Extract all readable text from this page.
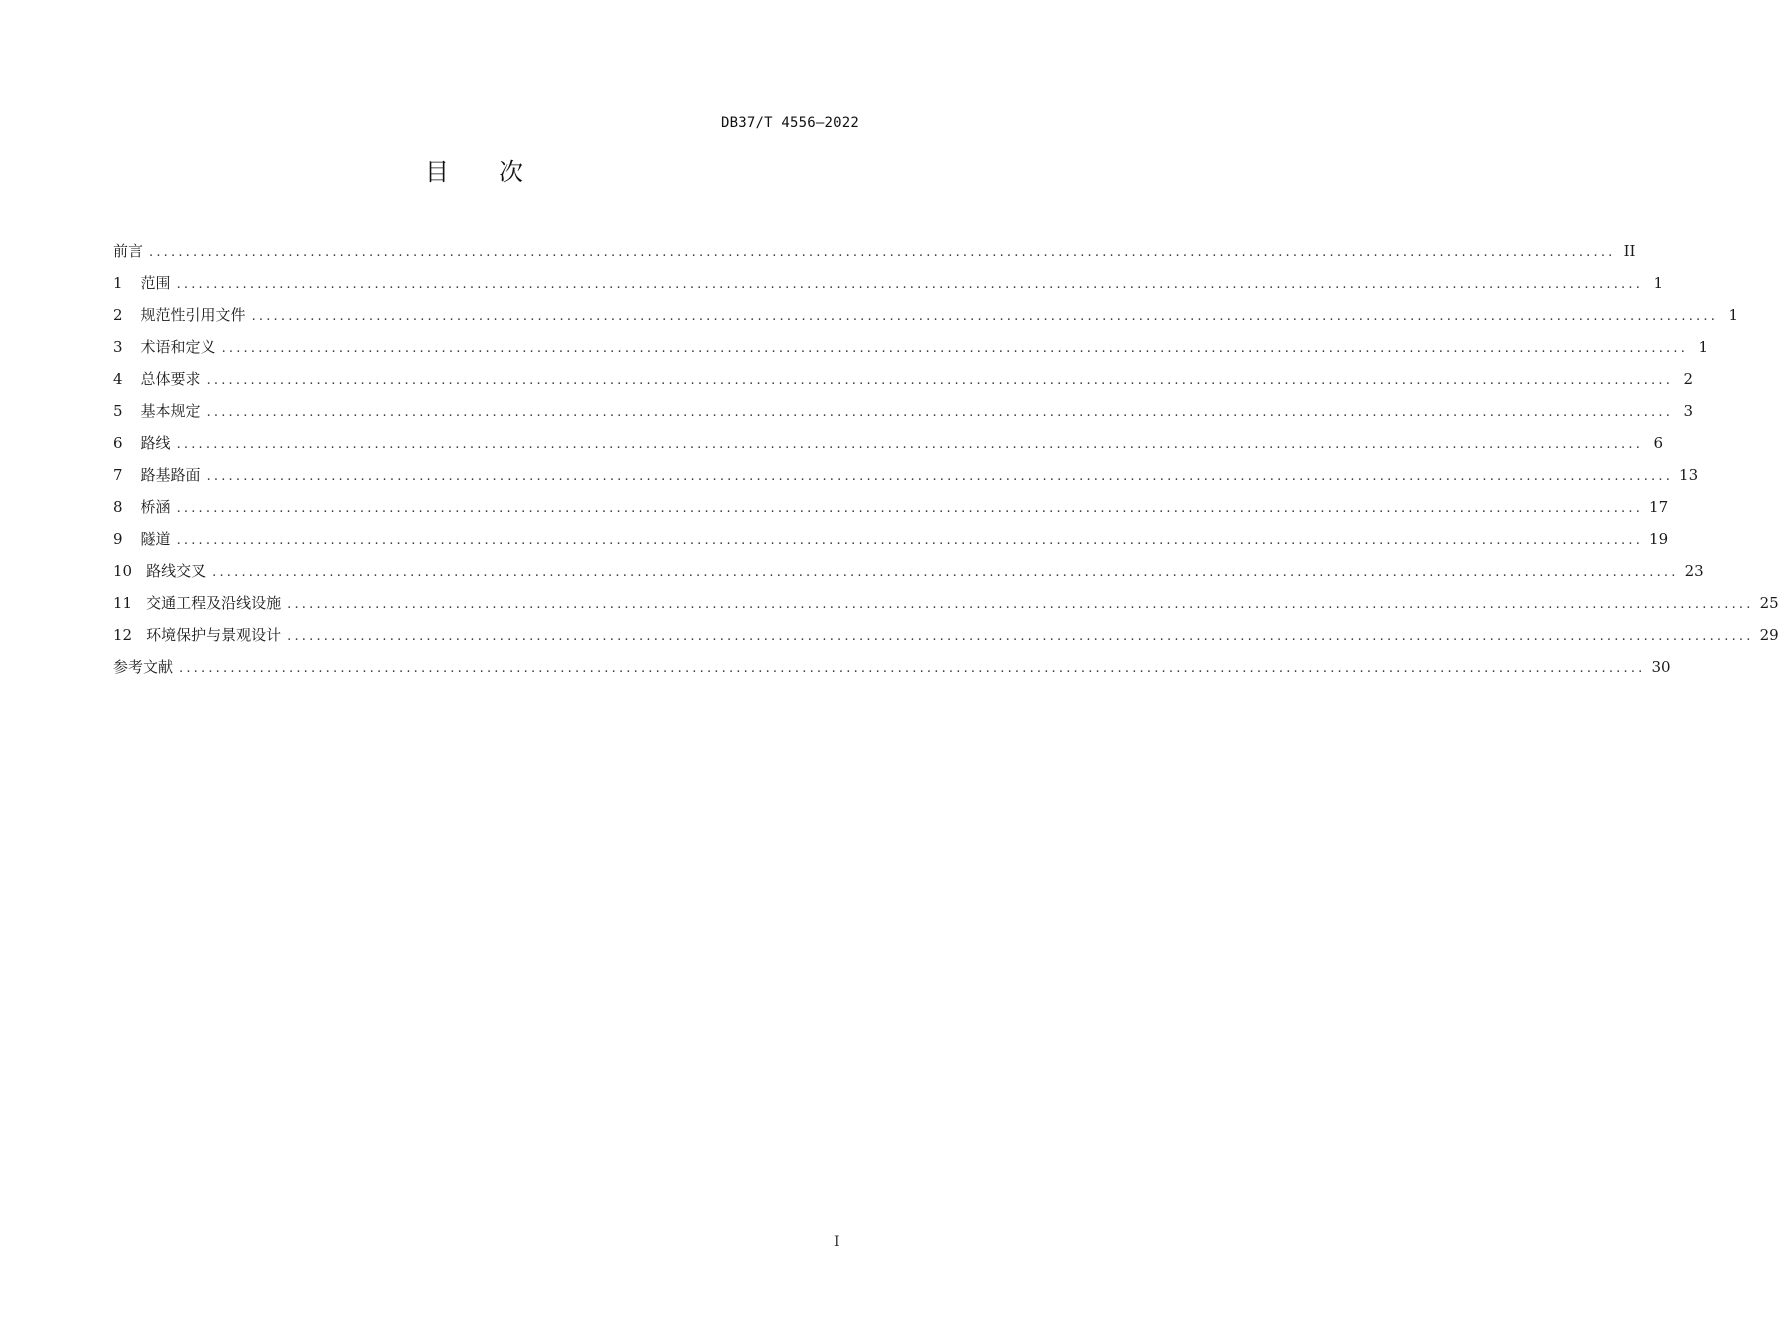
DB37/T 4556—2022
目 次
前言 ........................................................................................................................................................................................................ II
1 范围 ........................................................................................................................................................................................................ 1
2 规范性引用文件 ........................................................................................................................................................................................................ 1
3 术语和定义 ........................................................................................................................................................................................................ 1
4 总体要求 ........................................................................................................................................................................................................ 2
5 基本规定 ........................................................................................................................................................................................................ 3
6 路线 ........................................................................................................................................................................................................ 6
7 路基路面 ........................................................................................................................................................................................................ 13
8 桥涵 ........................................................................................................................................................................................................ 17
9 隧道 ........................................................................................................................................................................................................ 19
10 路线交叉 ........................................................................................................................................................................................................ 23
11 交通工程及沿线设施 ........................................................................................................................................................................................................ 25
12 环境保护与景观设计 ........................................................................................................................................................................................................ 29
参考文献 ........................................................................................................................................................................................................ 30
I
